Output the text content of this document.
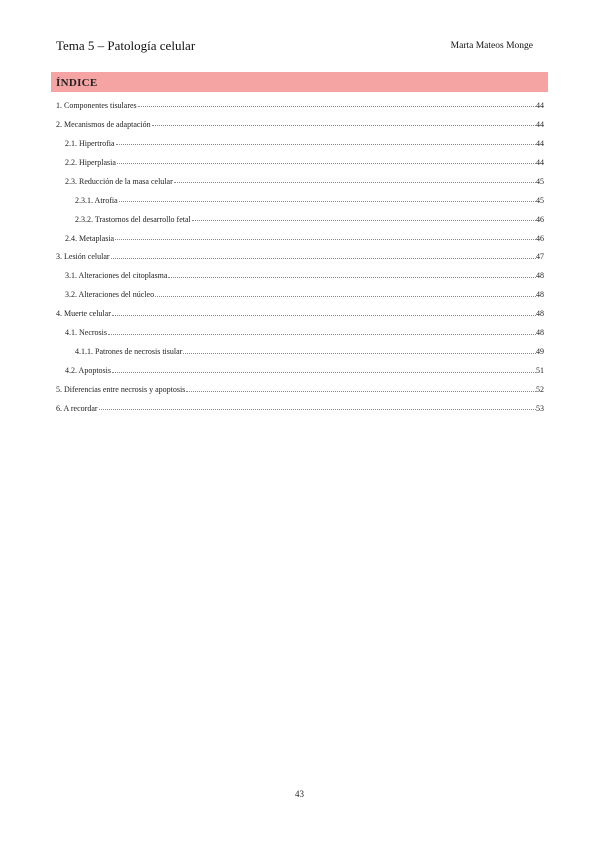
Tema 5 – Patología celular	Marta Mateos Monge
ÍNDICE
1. Componentes tisulares	44
2. Mecanismos de adaptación	44
2.1. Hipertrofia	44
2.2. Hiperplasia	44
2.3. Reducción de la masa celular	45
2.3.1. Atrofia	45
2.3.2. Trastornos del desarrollo fetal	46
2.4. Metaplasia	46
3. Lesión celular	47
3.1. Alteraciones del citoplasma	48
3.2. Alteraciones del núcleo	48
4. Muerte celular	48
4.1. Necrosis	48
4.1.1. Patrones de necrosis tisular	49
4.2. Apoptosis	51
5. Diferencias entre necrosis y apoptosis	52
6. A recordar	53
43
